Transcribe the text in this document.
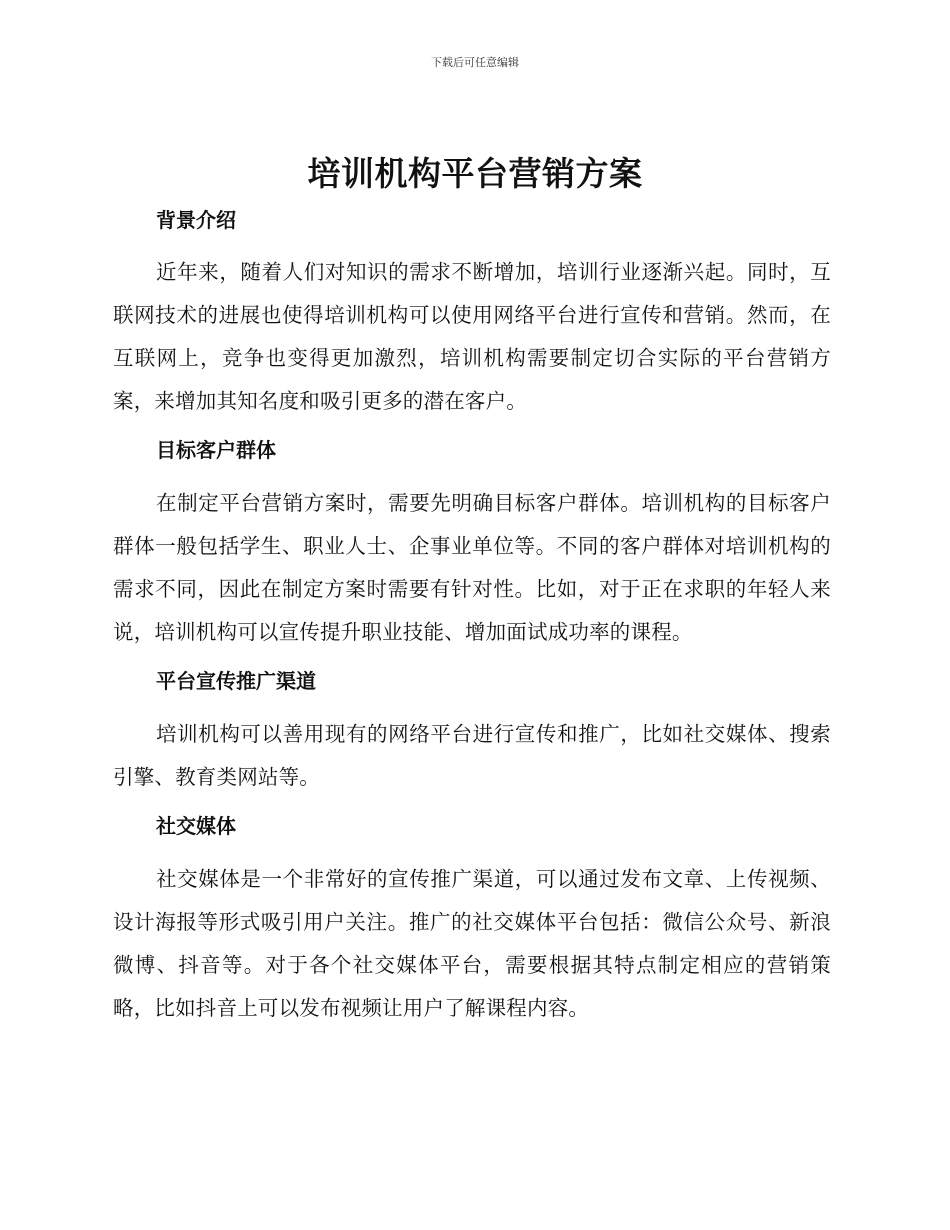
下载后可任意编辑
培训机构平台营销方案
背景介绍

近年来，随着人们对知识的需求不断增加，培训行业逐渐兴起。同时，互联网技术的进展也使得培训机构可以使用网络平台进行宣传和营销。然而，在互联网上，竞争也变得更加激烈，培训机构需要制定切合实际的平台营销方案，来增加其知名度和吸引更多的潜在客户。

目标客户群体

在制定平台营销方案时，需要先明确目标客户群体。培训机构的目标客户群体一般包括学生、职业人士、企事业单位等。不同的客户群体对培训机构的需求不同，因此在制定方案时需要有针对性。比如，对于正在求职的年轻人来说，培训机构可以宣传提升职业技能、增加面试成功率的课程。

平台宣传推广渠道

培训机构可以善用现有的网络平台进行宣传和推广，比如社交媒体、搜索引擎、教育类网站等。

社交媒体

社交媒体是一个非常好的宣传推广渠道，可以通过发布文章、上传视频、设计海报等形式吸引用户关注。推广的社交媒体平台包括：微信公众号、新浪微博、抖音等。对于各个社交媒体平台，需要根据其特点制定相应的营销策略，比如抖音上可以发布视频让用户了解课程内容。
